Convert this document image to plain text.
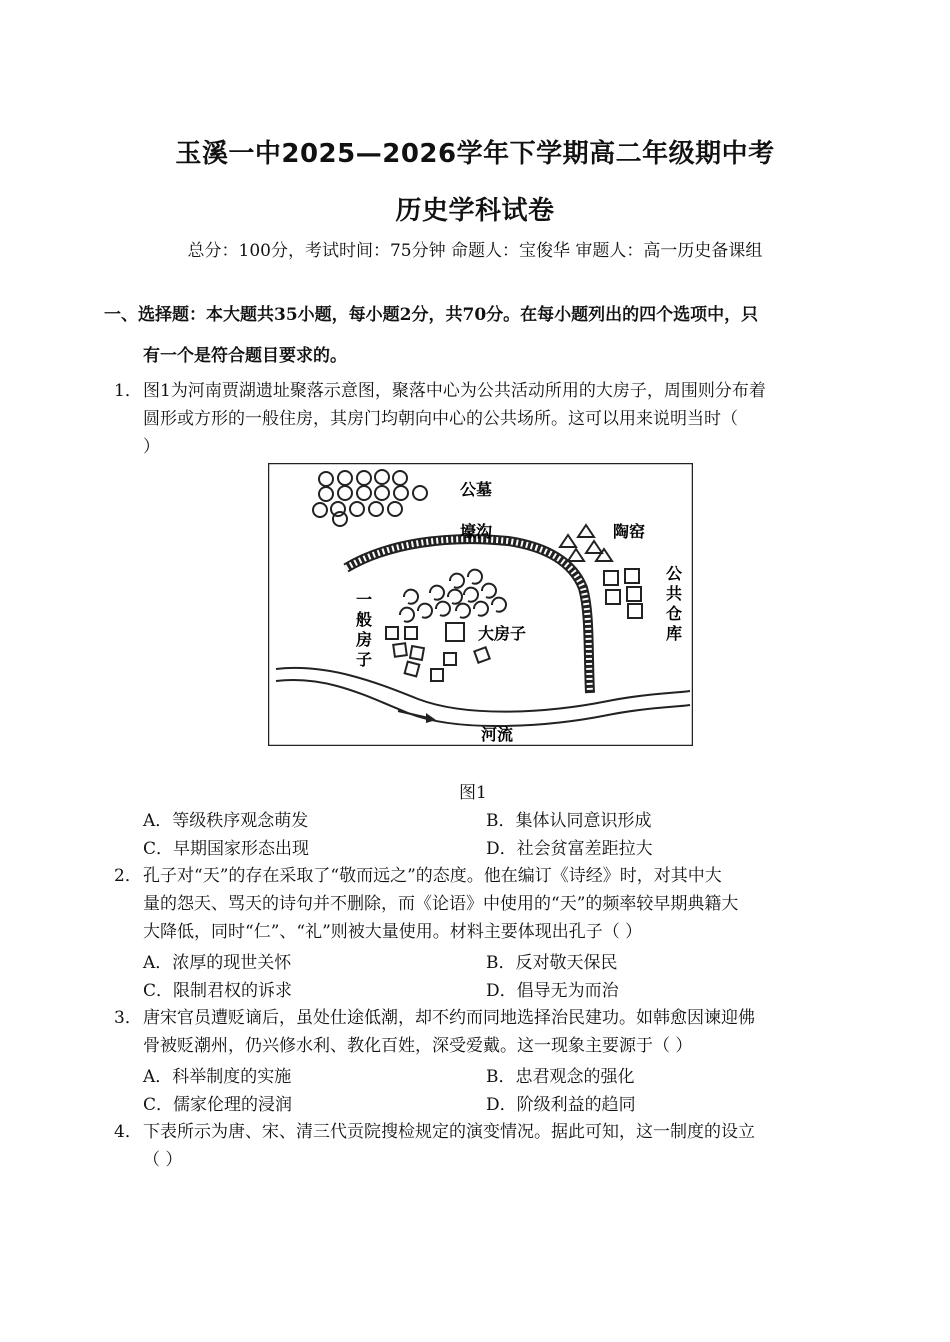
玉溪一中2025—2026学年下学期高二年级期中考
历史学科试卷
总分：100分，考试时间：75分钟 命题人：宝俊华 审题人：高一历史备课组
一、选择题：本大题共35小题，每小题2分，共70分。在每小题列出的四个选项中，只
有一个是符合题目要求的。
1． 图1为河南贾湖遗址聚落示意图，聚落中心为公共活动所用的大房子，周围则分布着
圆形或方形的一般住房，其房门均朝向中心的公共场所。这可以用来说明当时（
）
公墓
壕沟	陶窑
公
共
仓
库
大房子
一
般
房
子
河流
图1
A．等级秩序观念萌发	B．集体认同意识形成
C．早期国家形态出现	D．社会贫富差距拉大
2． 孔子对“天”的存在采取了“敬而远之”的态度。他在编订《诗经》时，对其中大
量的怨天、骂天的诗句并不删除，而《论语》中使用的“天”的频率较早期典籍大
大降低，同时“仁”、“礼”则被大量使用。材料主要体现出孔子（ ）
A．浓厚的现世关怀	B．反对敬天保民
C．限制君权的诉求	D．倡导无为而治
3． 唐宋官员遭贬谪后，虽处仕途低潮，却不约而同地选择治民建功。如韩愈因谏迎佛
骨被贬潮州，仍兴修水利、教化百姓，深受爱戴。这一现象主要源于（ ）
A．科举制度的实施	B．忠君观念的强化
C．儒家伦理的浸润	D．阶级利益的趋同
4． 下表所示为唐、宋、清三代贡院搜检规定的演变情况。据此可知，这一制度的设立
（ ）
